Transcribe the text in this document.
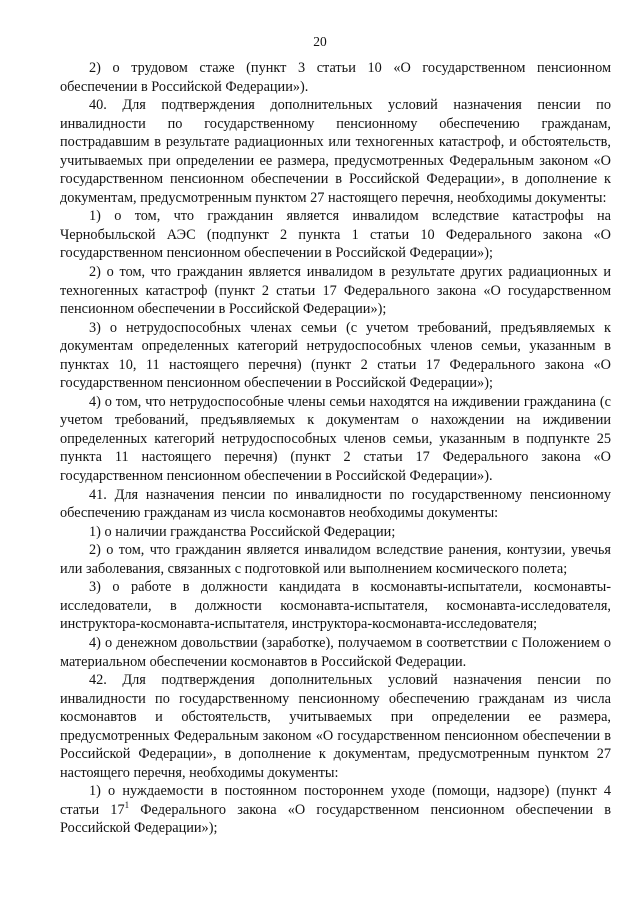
20

2) о трудовом стаже (пункт 3 статьи 10 «О государственном пенсионном обеспечении в Российской Федерации»).

40. Для подтверждения дополнительных условий назначения пенсии по инвалидности по государственному пенсионному обеспечению гражданам, пострадавшим в результате радиационных или техногенных катастроф, и обстоятельств, учитываемых при определении ее размера, предусмотренных Федеральным законом «О государственном пенсионном обеспечении в Российской Федерации», в дополнение к документам, предусмотренным пунктом 27 настоящего перечня, необходимы документы:

1) о том, что гражданин является инвалидом вследствие катастрофы на Чернобыльской АЭС (подпункт 2 пункта 1 статьи 10 Федерального закона «О государственном пенсионном обеспечении в Российской Федерации»);

2) о том, что гражданин является инвалидом в результате других радиационных и техногенных катастроф (пункт 2 статьи 17 Федерального закона «О государственном пенсионном обеспечении в Российской Федерации»);

3) о нетрудоспособных членах семьи (с учетом требований, предъявляемых к документам определенных категорий нетрудоспособных членов семьи, указанным в пунктах 10, 11 настоящего перечня) (пункт 2 статьи 17 Федерального закона «О государственном пенсионном обеспечении в Российской Федерации»);

4) о том, что нетрудоспособные члены семьи находятся на иждивении гражданина (с учетом требований, предъявляемых к документам о нахождении на иждивении определенных категорий нетрудоспособных членов семьи, указанным в подпункте 25 пункта 11 настоящего перечня) (пункт 2 статьи 17 Федерального закона «О государственном пенсионном обеспечении в Российской Федерации»).

41. Для назначения пенсии по инвалидности по государственному пенсионному обеспечению гражданам из числа космонавтов необходимы документы:

1) о наличии гражданства Российской Федерации;

2) о том, что гражданин является инвалидом вследствие ранения, контузии, увечья или заболевания, связанных с подготовкой или выполнением космического полета;

3) о работе в должности кандидата в космонавты-испытатели, космонавты-исследователи, в должности космонавта-испытателя, космонавта-исследователя, инструктора-космонавта-испытателя, инструктора-космонавта-исследователя;

4) о денежном довольствии (заработке), получаемом в соответствии с Положением о материальном обеспечении космонавтов в Российской Федерации.

42. Для подтверждения дополнительных условий назначения пенсии по инвалидности по государственному пенсионному обеспечению гражданам из числа космонавтов и обстоятельств, учитываемых при определении ее размера, предусмотренных Федеральным законом «О государственном пенсионном обеспечении в Российской Федерации», в дополнение к документам, предусмотренным пунктом 27 настоящего перечня, необходимы документы:

1) о нуждаемости в постоянном постороннем уходе (помощи, надзоре) (пункт 4 статьи $17^1$ Федерального закона «О государственном пенсионном обеспечении в Российской Федерации»);
